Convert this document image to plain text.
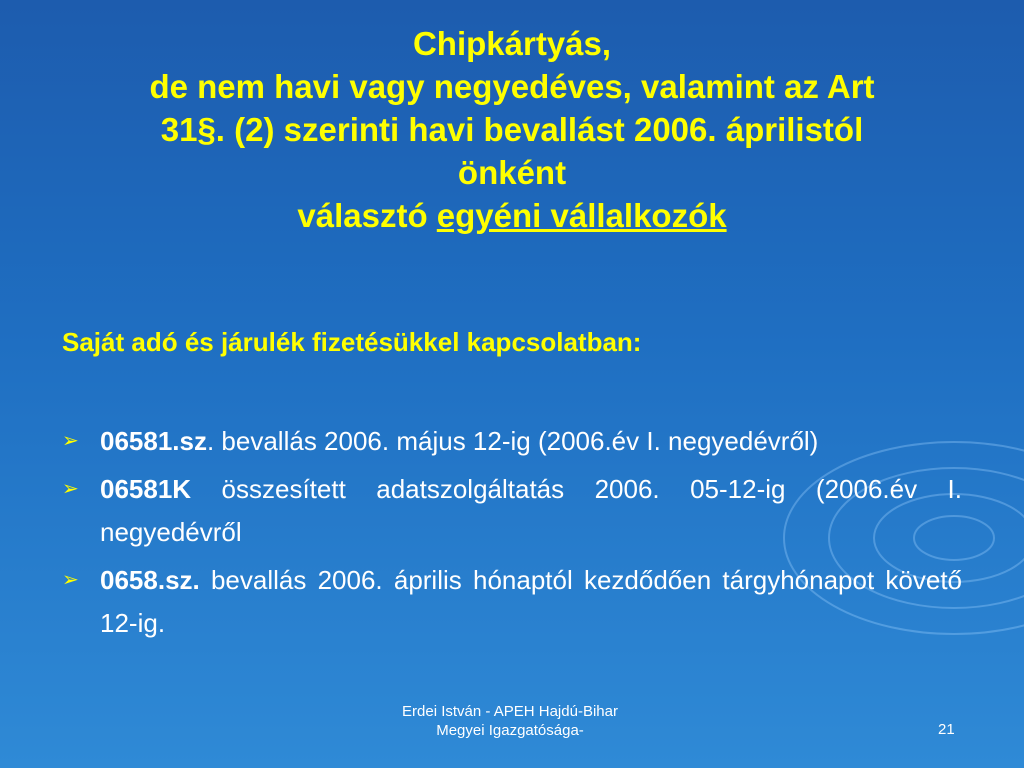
Chipkártyás,
de nem havi vagy negyedéves, valamint az Art
31§. (2) szerinti havi bevallást 2006. áprilistól
önként
választó egyéni vállalkozók
Saját adó és járulék fizetésükkel kapcsolatban:
➢ 06581.sz. bevallás 2006. május 12-ig (2006.év I. negyedévről)
➢ 06581K összesített adatszolgáltatás 2006. 05-12-ig (2006.év I. negyedévről
➢ 0658.sz. bevallás 2006. április hónaptól kezdődően tárgyhónapot követő 12-ig.
Erdei István - APEH Hajdú-Bihar
Megyei Igazgatósága-	21
